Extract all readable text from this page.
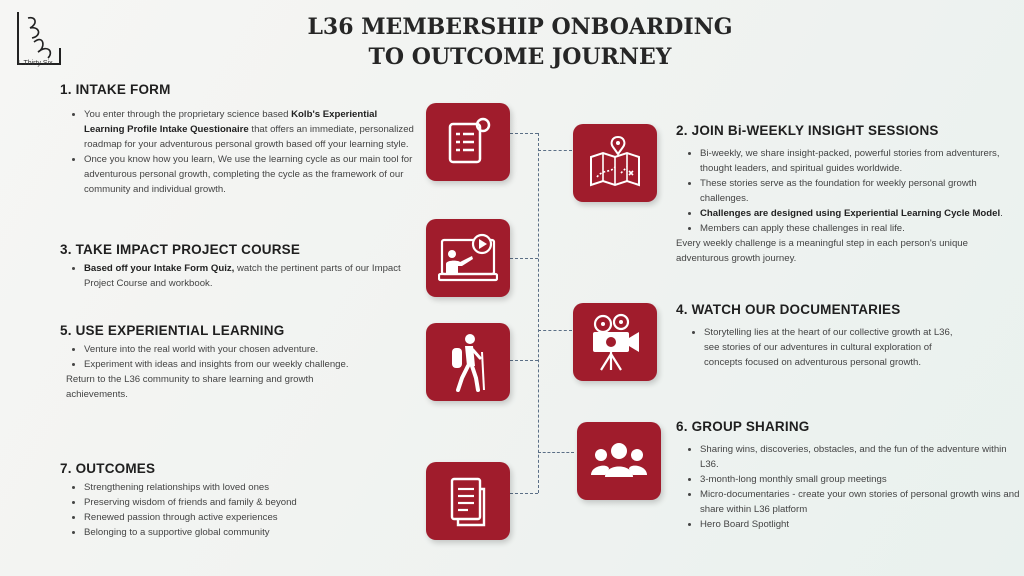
L Thirty Six
L36 MEMBERSHIP ONBOARDING
TO OUTCOME JOURNEY
1. INTAKE FORM
• You enter through the proprietary science based Kolb's Experiential Learning Profile Intake Questionaire that offers an immediate, personalized roadmap for your adventurous personal growth based off your learning style.
• Once you know how you learn, We use the learning cycle as our main tool for adventurous personal growth, completing the cycle as the framework of our community and individual growth.
3. TAKE IMPACT PROJECT COURSE
• Based off your Intake Form Quiz, watch the pertinent parts of our Impact Project Course and workbook.
5. USE EXPERIENTIAL LEARNING
• Venture into the real world with your chosen adventure.
• Experiment with ideas and insights from our weekly challenge.
Return to the L36 community to share learning and growth achievements.
7. OUTCOMES
• Strengthening relationships with loved ones
• Preserving wisdom of friends and family & beyond
• Renewed passion through active experiences
• Belonging to a supportive global community
2. JOIN Bi-WEEKLY INSIGHT SESSIONS
• Bi-weekly, we share insight-packed, powerful stories from adventurers, thought leaders, and spiritual guides worldwide.
• These stories serve as the foundation for weekly personal growth challenges.
• Challenges are designed using Experiential Learning Cycle Model.
• Members can apply these challenges in real life.
Every weekly challenge is a meaningful step in each person's unique adventurous growth journey.
4. WATCH OUR DOCUMENTARIES
• Storytelling lies at the heart of our collective growth at L36, see stories of our adventures in cultural exploration of concepts focused on adventurous personal growth.
6. GROUP SHARING
• Sharing wins, discoveries, obstacles, and the fun of the adventure within L36.
• 3-month-long monthly small group meetings
• Micro-documentaries - create your own stories of personal growth wins and share within L36 platform
• Hero Board Spotlight
